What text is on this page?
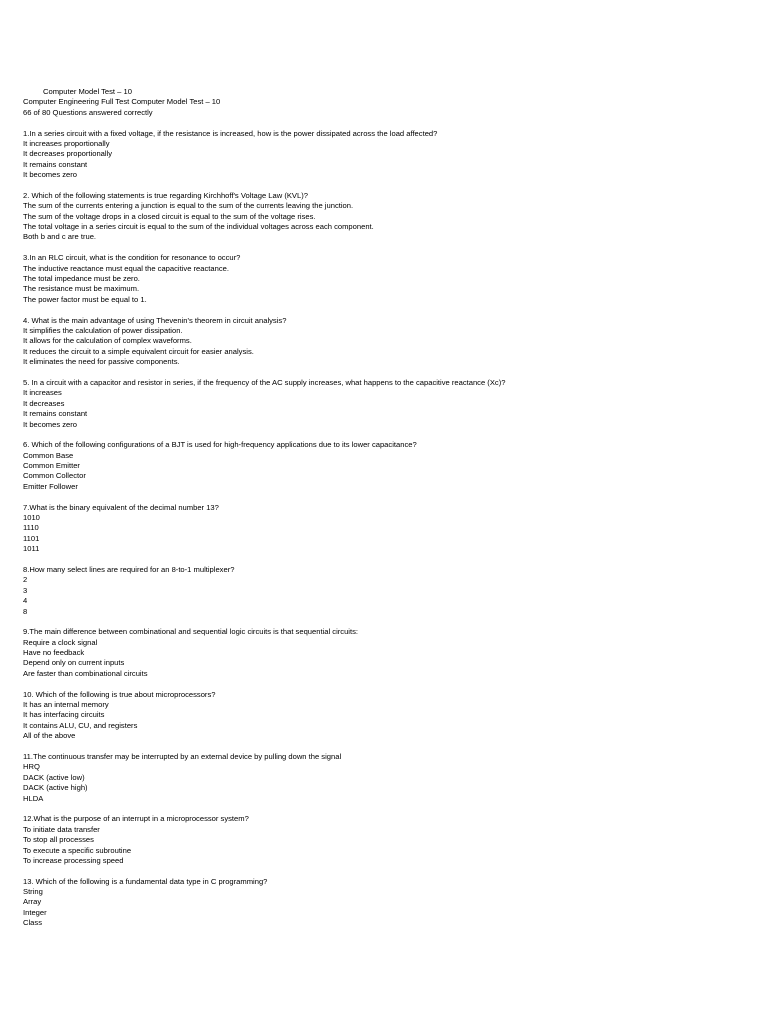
Computer Model Test – 10
Computer Engineering Full Test Computer Model Test – 10
66 of 80 Questions answered correctly
1.In a series circuit with a fixed voltage, if the resistance is increased, how is the power dissipated across the load affected?
It increases proportionally
It decreases proportionally
It remains constant
It becomes zero
2. Which of the following statements is true regarding Kirchhoff's Voltage Law (KVL)?
The sum of the currents entering a junction is equal to the sum of the currents leaving the junction.
The sum of the voltage drops in a closed circuit is equal to the sum of the voltage rises.
The total voltage in a series circuit is equal to the sum of the individual voltages across each component.
Both b and c are true.
3.In an RLC circuit, what is the condition for resonance to occur?
The inductive reactance must equal the capacitive reactance.
The total impedance must be zero.
The resistance must be maximum.
The power factor must be equal to 1.
4. What is the main advantage of using Thevenin's theorem in circuit analysis?
It simplifies the calculation of power dissipation.
It allows for the calculation of complex waveforms.
It reduces the circuit to a simple equivalent circuit for easier analysis.
It eliminates the need for passive components.
5. In a circuit with a capacitor and resistor in series, if the frequency of the AC supply increases, what happens to the capacitive reactance (Xc)?
It increases
It decreases
It remains constant
It becomes zero
6. Which of the following configurations of a BJT is used for high-frequency applications due to its lower capacitance?
Common Base
Common Emitter
Common Collector
Emitter Follower
7.What is the binary equivalent of the decimal number 13?
1010
1110
1101
1011
8.How many select lines are required for an 8-to-1 multiplexer?
2
3
4
8
9.The main difference between combinational and sequential logic circuits is that sequential circuits:
Require a clock signal
Have no feedback
Depend only on current inputs
Are faster than combinational circuits
10. Which of the following is true about microprocessors?
It has an internal memory
It has interfacing circuits
It contains ALU, CU, and registers
All of the above
11.The continuous transfer may be interrupted by an external device by pulling down the signal
HRQ
DACK (active low)
DACK (active high)
HLDA
12.What is the purpose of an interrupt in a microprocessor system?
To initiate data transfer
To stop all processes
To execute a specific subroutine
To increase processing speed
13. Which of the following is a fundamental data type in C programming?
String
Array
Integer
Class
